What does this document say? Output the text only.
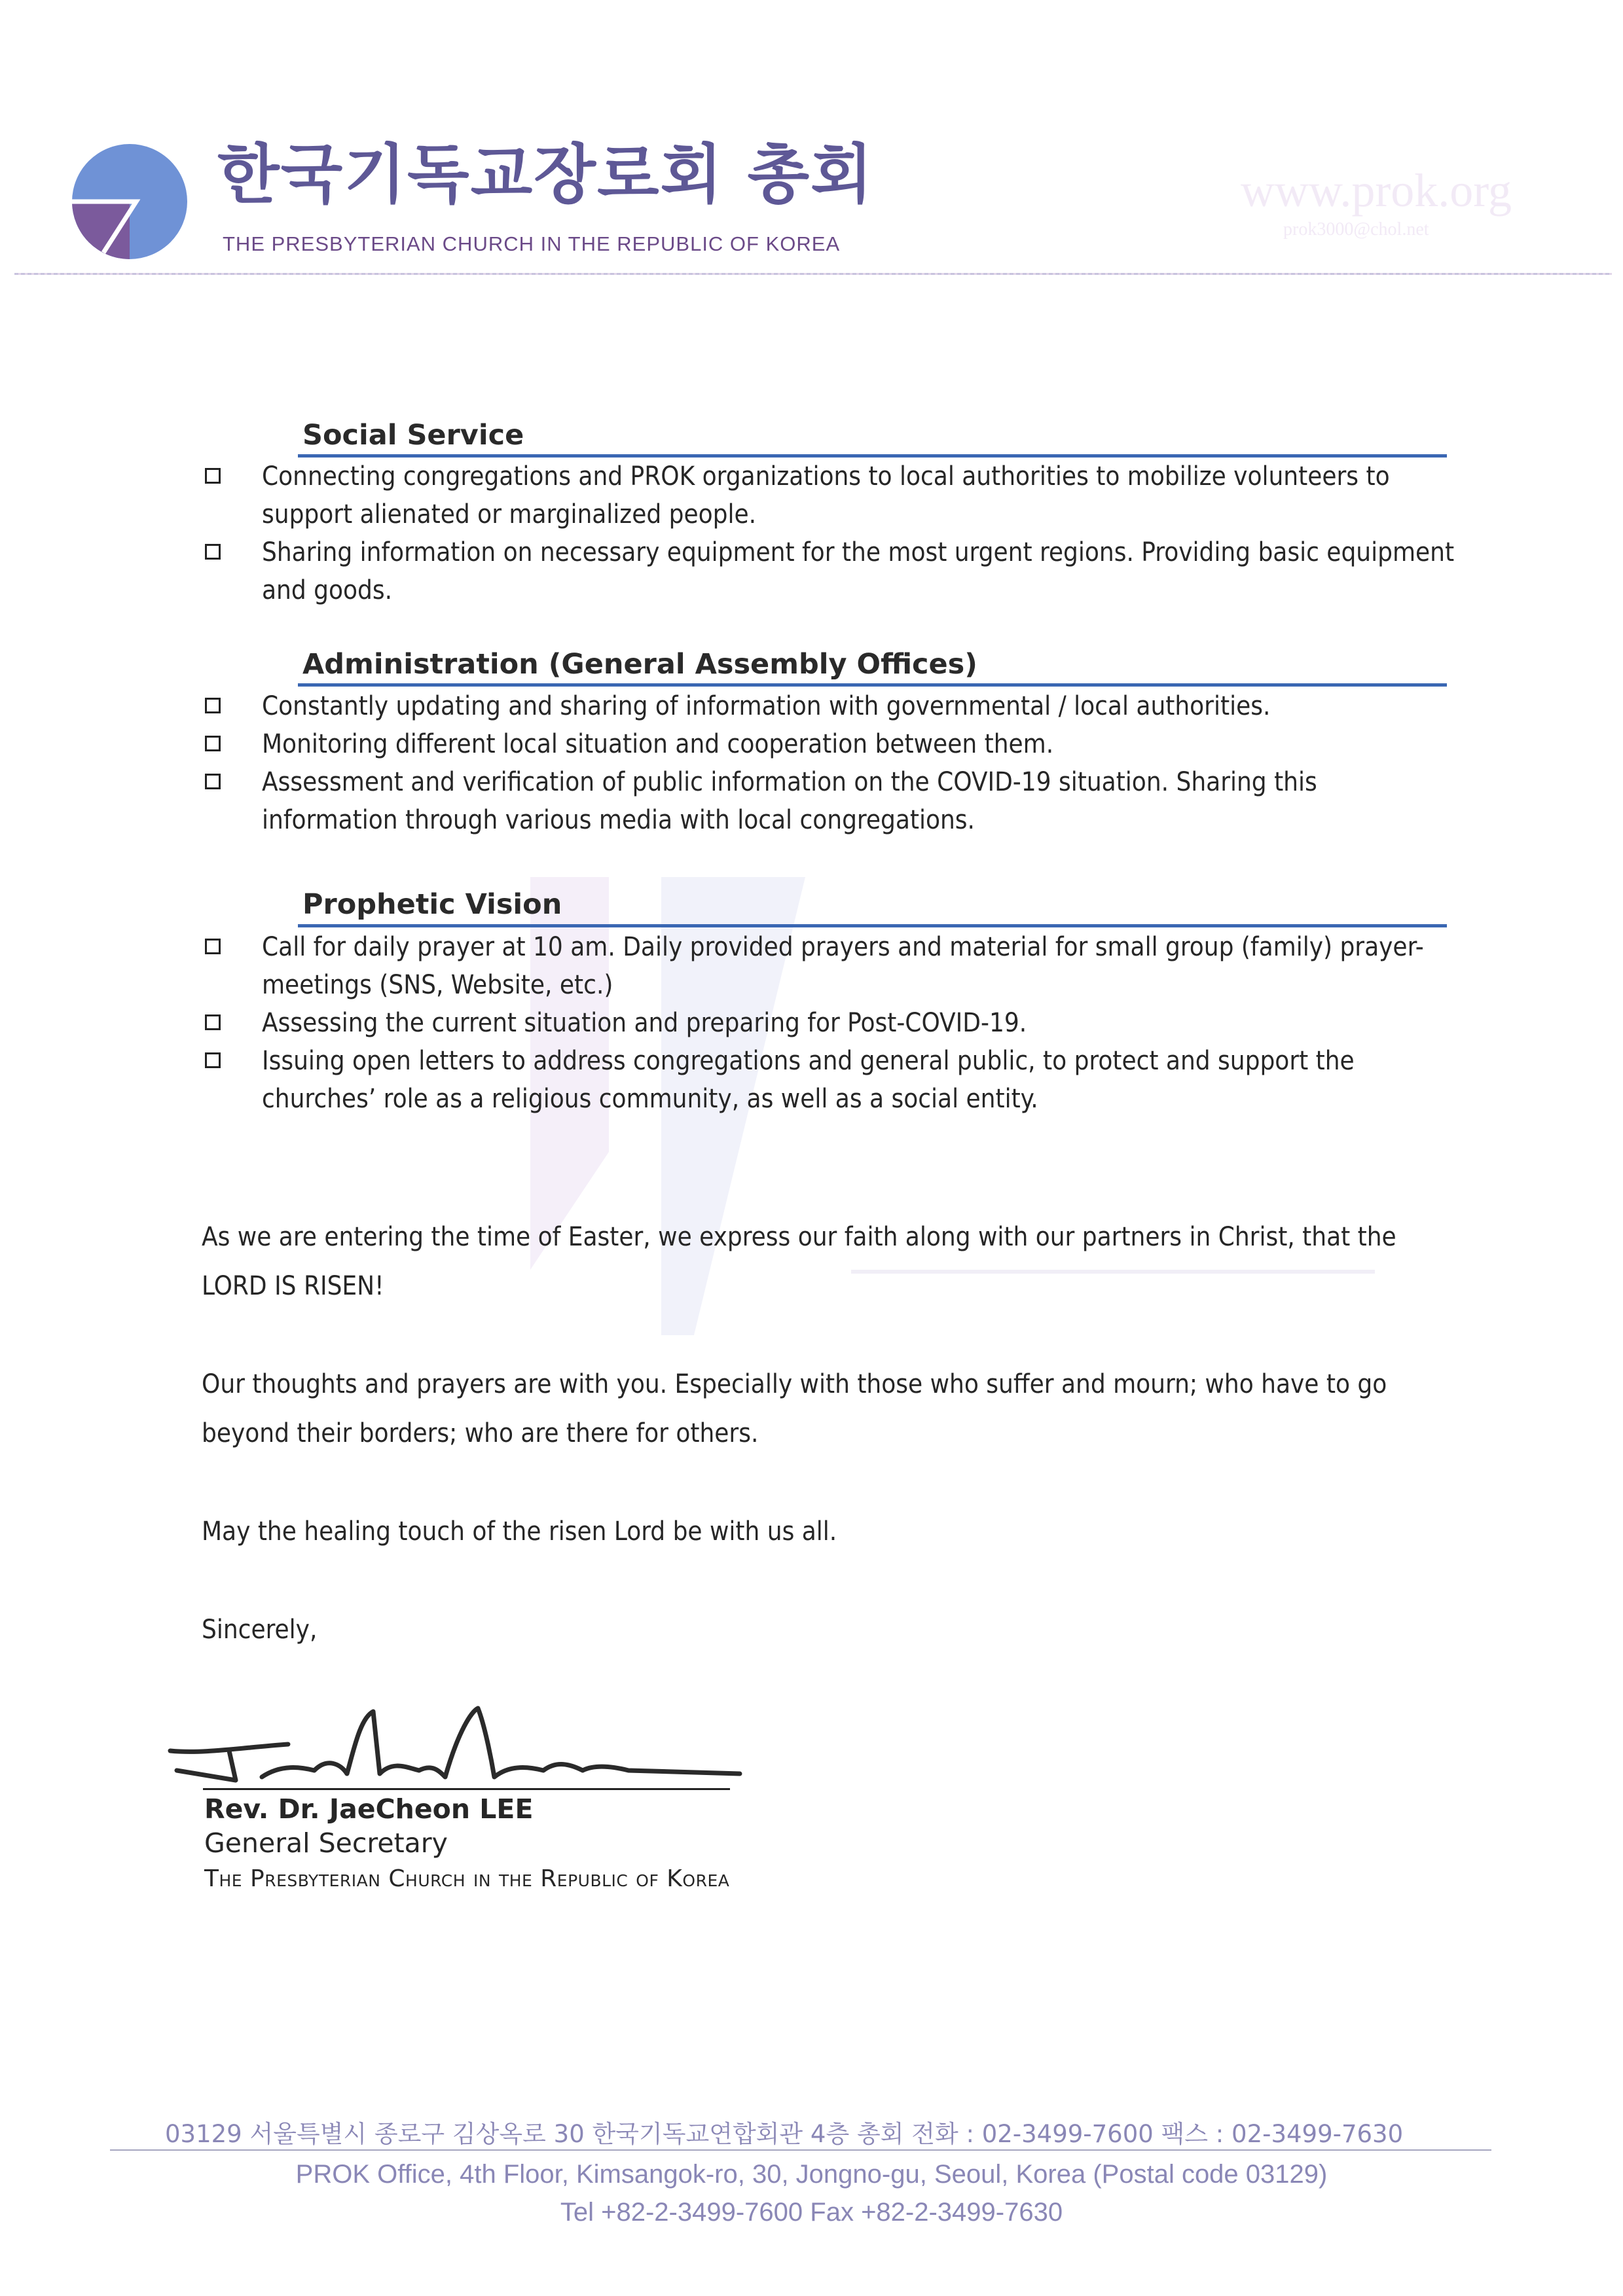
한국기독교장로회 총회
THE PRESBYTERIAN CHURCH IN THE REPUBLIC OF KOREA
www.prok.org
prok3000@chol.net
Social Service
Connecting congregations and PROK organizations to local authorities to mobilize volunteers to support alienated or marginalized people.
Sharing information on necessary equipment for the most urgent regions. Providing basic equipment and goods.
Administration (General Assembly Offices)
Constantly updating and sharing of information with governmental / local authorities.
Monitoring different local situation and cooperation between them.
Assessment and verification of public information on the COVID-19 situation. Sharing this information through various media with local congregations.
Prophetic Vision
Call for daily prayer at 10 am. Daily provided prayers and material for small group (family) prayer-meetings (SNS, Website, etc.)
Assessing the current situation and preparing for Post-COVID-19.
Issuing open letters to address congregations and general public, to protect and support the churches’ role as a religious community, as well as a social entity.
As we are entering the time of Easter, we express our faith along with our partners in Christ, that the LORD IS RISEN!
Our thoughts and prayers are with you. Especially with those who suffer and mourn; who have to go beyond their borders; who are there for others.
May the healing touch of the risen Lord be with us all.
Sincerely,
Rev. Dr. JaeCheon LEE
General Secretary
The Presbyterian Church in the Republic of Korea
03129 서울특별시 종로구 김상옥로 30 한국기독교연합회관 4층 총회 전화 : 02-3499-7600 팩스 : 02-3499-7630
PROK Office, 4th Floor, Kimsangok-ro, 30, Jongno-gu, Seoul, Korea (Postal code 03129)
Tel +82-2-3499-7600 Fax +82-2-3499-7630
